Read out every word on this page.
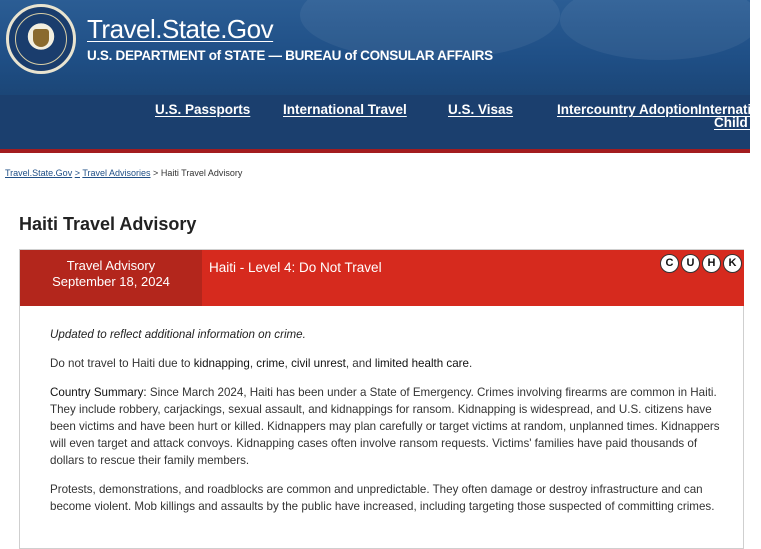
Travel.State.Gov
U.S. DEPARTMENT of STATE — BUREAU of CONSULAR AFFAIRS
U.S. Passports International Travel	U.S. Visas	Intercountry Adoption Internatio
Child A
Travel.State.Gov > Travel Advisories > Haiti Travel Advisory
Haiti Travel Advisory
Travel Advisory
September 18, 2024
Haiti - Level 4: Do Not Travel	C	U	H	K

Updated to reflect additional information on crime.

Do not travel to Haiti due to kidnapping, crime, civil unrest, and limited health care.

Country Summary: Since March 2024, Haiti has been under a State of Emergency. Crimes involving firearms are common in Haiti. They include robbery, carjackings, sexual assault, and kidnappings for ransom. Kidnapping is widespread, and U.S. citizens have been victims and have been hurt or killed. Kidnappers may plan carefully or target victims at random, unplanned times. Kidnappers will even target and attack convoys. Kidnapping cases often involve ransom requests. Victims' families have paid thousands of dollars to rescue their family members.

Protests, demonstrations, and roadblocks are common and unpredictable. They often damage or destroy infrastructure and can become violent. Mob killings and assaults by the public have increased, including targeting those suspected of committing crimes.
